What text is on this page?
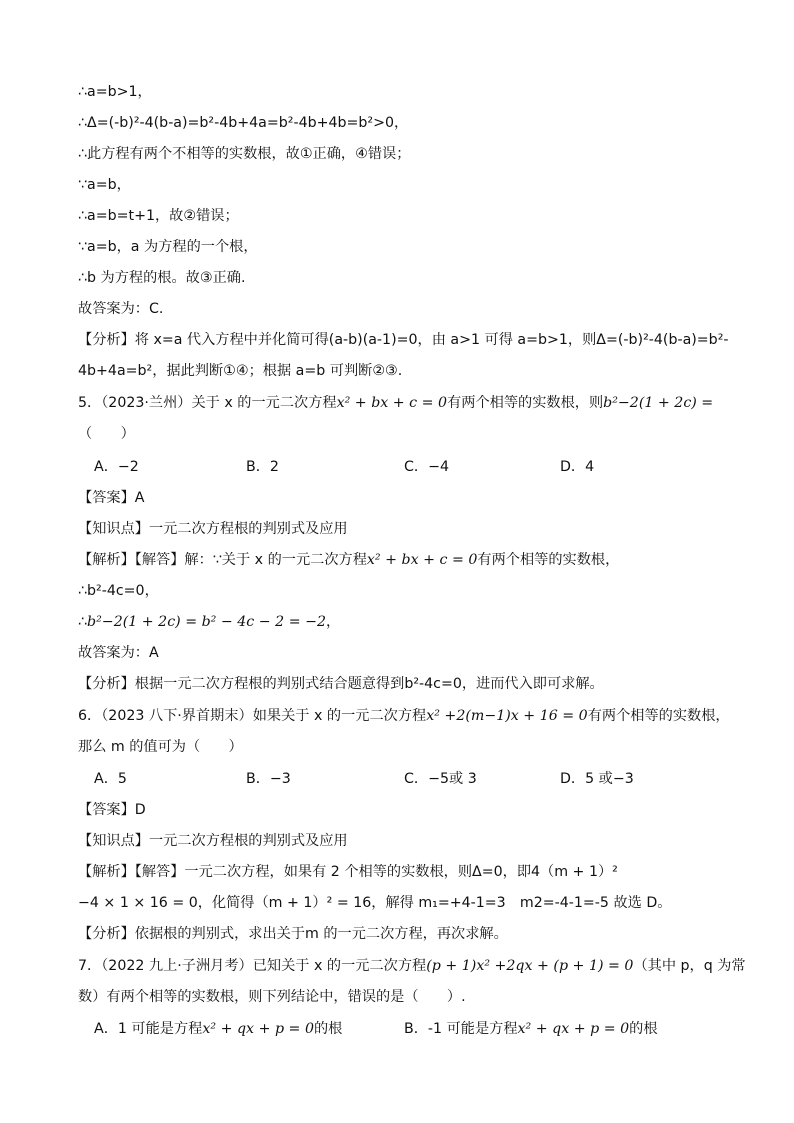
∴a=b>1，
∴Δ=(-b)²-4(b-a)=b²-4b+4a=b²-4b+4b=b²>0，
∴此方程有两个不相等的实数根，故①正确，④错误；
∵a=b，
∴a=b=t+1，故②错误；
∵a=b，a 为方程的一个根，
∴b 为方程的根。故③正确.
故答案为：C.
【分析】将 x=a 代入方程中并化简可得(a-b)(a-1)=0，由 a>1 可得 a=b>1，则Δ=(-b)²-4(b-a)=b²-
4b+4a=b²，据此判断①④；根据 a=b 可判断②③.
5．（2023·兰州）关于 x 的一元二次方程x² + bx + c = 0有两个相等的实数根，则b²−2(1 + 2c) =
（　　）
A．−2	B．2	C．−4	D．4
【答案】A
【知识点】一元二次方程根的判别式及应用
【解析】【解答】解：∵关于 x 的一元二次方程x² + bx + c = 0有两个相等的实数根，
∴b²-4c=0，
∴b²−2(1 + 2c) = b² − 4c − 2 = −2，
故答案为：A
【分析】根据一元二次方程根的判别式结合题意得到b²-4c=0，进而代入即可求解。
6．（2023 八下·界首期末）如果关于 x 的一元二次方程x² +2(m−1)x + 16 = 0有两个相等的实数根，
那么 m 的值可为（　　）
A．5	B．−3	C．−5或 3	D．5 或−3
【答案】D
【知识点】一元二次方程根的判别式及应用
【解析】【解答】一元二次方程，如果有 2 个相等的实数根，则Δ=0，即4（m + 1）²
−4 × 1 × 16 = 0，化简得（m + 1）² = 16，解得 m₁=+4-1=3　m2=-4-1=-5 故选 D。
【分析】依据根的判别式，求出关于m 的一元二次方程，再次求解。
7．（2022 九上·子洲月考）已知关于 x 的一元二次方程(p + 1)x² +2qx + (p + 1) = 0（其中 p，q 为常
数）有两个相等的实数根，则下列结论中，错误的是（　　）.
A．1 可能是方程x² + qx + p = 0的根	B．-1 可能是方程x² + qx + p = 0的根
